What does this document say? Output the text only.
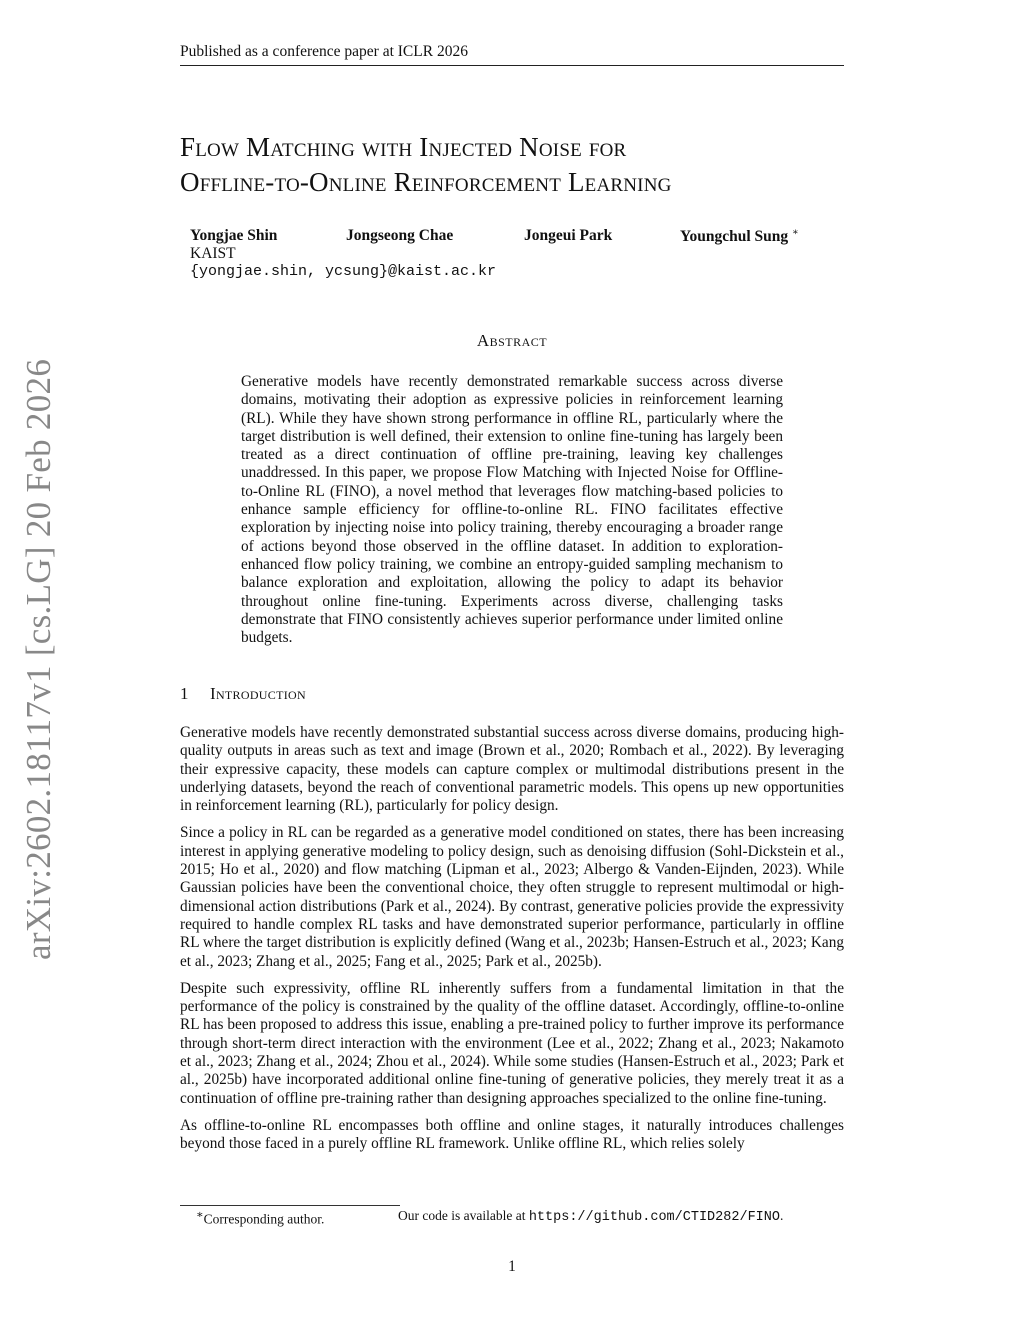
Published as a conference paper at ICLR 2026
Flow Matching with Injected Noise for
Offline-to-Online Reinforcement Learning
Yongjae Shin	Jongseong Chae	Jongeui Park	Youngchul Sung ∗
KAIST
{yongjae.shin, ycsung}@kaist.ac.kr
Abstract
Generative models have recently demonstrated remarkable success across diverse domains, motivating their adoption as expressive policies in reinforcement learning (RL). While they have shown strong performance in offline RL, particularly where the target distribution is well defined, their extension to online fine-tuning has largely been treated as a direct continuation of offline pre-training, leaving key challenges unaddressed. In this paper, we propose Flow Matching with Injected Noise for Offline-to-Online RL (FINO), a novel method that leverages flow matching-based policies to enhance sample efficiency for offline-to-online RL. FINO facilitates effective exploration by injecting noise into policy training, thereby encouraging a broader range of actions beyond those observed in the offline dataset. In addition to exploration-enhanced flow policy training, we combine an entropy-guided sampling mechanism to balance exploration and exploitation, allowing the policy to adapt its behavior throughout online fine-tuning. Experiments across diverse, challenging tasks demonstrate that FINO consistently achieves superior performance under limited online budgets.
1 Introduction

Generative models have recently demonstrated substantial success across diverse domains, producing high-quality outputs in areas such as text and image (Brown et al., 2020; Rombach et al., 2022). By leveraging their expressive capacity, these models can capture complex or multimodal distributions present in the underlying datasets, beyond the reach of conventional parametric models. This opens up new opportunities in reinforcement learning (RL), particularly for policy design.

Since a policy in RL can be regarded as a generative model conditioned on states, there has been increasing interest in applying generative modeling to policy design, such as denoising diffusion (Sohl-Dickstein et al., 2015; Ho et al., 2020) and flow matching (Lipman et al., 2023; Albergo & Vanden-Eijnden, 2023). While Gaussian policies have been the conventional choice, they often struggle to represent multimodal or high-dimensional action distributions (Park et al., 2024). By contrast, generative policies provide the expressivity required to handle complex RL tasks and have demonstrated superior performance, particularly in offline RL where the target distribution is explicitly defined (Wang et al., 2023b; Hansen-Estruch et al., 2023; Kang et al., 2023; Zhang et al., 2025; Fang et al., 2025; Park et al., 2025b).

Despite such expressivity, offline RL inherently suffers from a fundamental limitation in that the performance of the policy is constrained by the quality of the offline dataset. Accordingly, offline-to-online RL has been proposed to address this issue, enabling a pre-trained policy to further improve its performance through short-term direct interaction with the environment (Lee et al., 2022; Zhang et al., 2023; Nakamoto et al., 2023; Zhang et al., 2024; Zhou et al., 2024). While some studies (Hansen-Estruch et al., 2023; Park et al., 2025b) have incorporated additional online fine-tuning of generative policies, they merely treat it as a continuation of offline pre-training rather than designing approaches specialized to the online fine-tuning.

As offline-to-online RL encompasses both offline and online stages, it naturally introduces challenges beyond those faced in a purely offline RL framework. Unlike offline RL, which relies solely

∗Corresponding author.	Our code is available at https://github.com/CTID282/FINO.
1
arXiv:2602.18117v1 [cs.LG] 20 Feb 2026
